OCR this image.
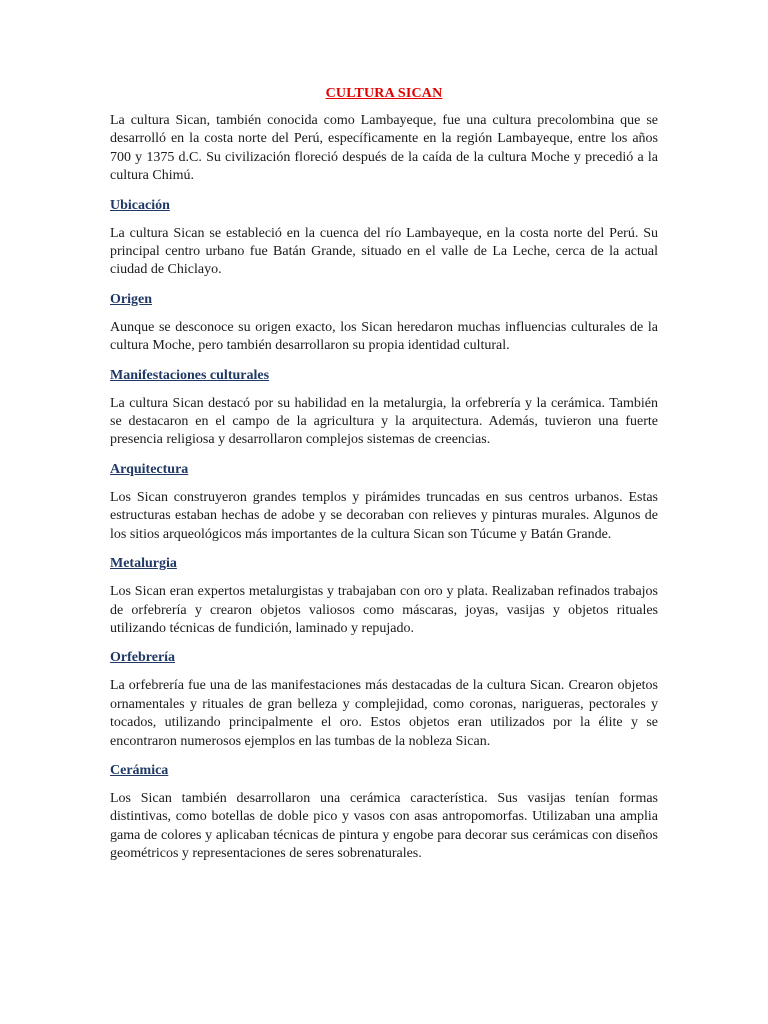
CULTURA SICAN

La cultura Sican, también conocida como Lambayeque, fue una cultura precolombina que se desarrolló en la costa norte del Perú, específicamente en la región Lambayeque, entre los años 700 y 1375 d.C. Su civilización floreció después de la caída de la cultura Moche y precedió a la cultura Chimú.

Ubicación

La cultura Sican se estableció en la cuenca del río Lambayeque, en la costa norte del Perú. Su principal centro urbano fue Batán Grande, situado en el valle de La Leche, cerca de la actual ciudad de Chiclayo.

Origen

Aunque se desconoce su origen exacto, los Sican heredaron muchas influencias culturales de la cultura Moche, pero también desarrollaron su propia identidad cultural.

Manifestaciones culturales

La cultura Sican destacó por su habilidad en la metalurgia, la orfebrería y la cerámica. También se destacaron en el campo de la agricultura y la arquitectura. Además, tuvieron una fuerte presencia religiosa y desarrollaron complejos sistemas de creencias.

Arquitectura

Los Sican construyeron grandes templos y pirámides truncadas en sus centros urbanos. Estas estructuras estaban hechas de adobe y se decoraban con relieves y pinturas murales. Algunos de los sitios arqueológicos más importantes de la cultura Sican son Túcume y Batán Grande.

Metalurgia

Los Sican eran expertos metalurgistas y trabajaban con oro y plata. Realizaban refinados trabajos de orfebrería y crearon objetos valiosos como máscaras, joyas, vasijas y objetos rituales utilizando técnicas de fundición, laminado y repujado.

Orfebrería

La orfebrería fue una de las manifestaciones más destacadas de la cultura Sican. Crearon objetos ornamentales y rituales de gran belleza y complejidad, como coronas, narigueras, pectorales y tocados, utilizando principalmente el oro. Estos objetos eran utilizados por la élite y se encontraron numerosos ejemplos en las tumbas de la nobleza Sican.

Cerámica

Los Sican también desarrollaron una cerámica característica. Sus vasijas tenían formas distintivas, como botellas de doble pico y vasos con asas antropomorfas. Utilizaban una amplia gama de colores y aplicaban técnicas de pintura y engobe para decorar sus cerámicas con diseños geométricos y representaciones de seres sobrenaturales.
